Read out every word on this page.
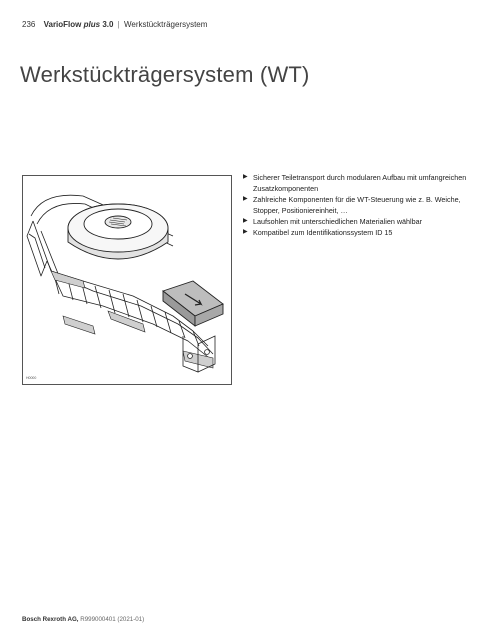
236 VarioFlow plus 3.0 | Werkstückträgersystem
Werkstückträgersystem (WT)
H0000
▶ Sicherer Teiletransport durch modularen Aufbau mit umfangreichen Zusatzkomponenten
▶ Zahlreiche Komponenten für die WT-Steuerung wie z. B. Weiche, Stopper, Positioniereinheit, …
▶ Laufsohlen mit unterschiedlichen Materialien wählbar
▶ Kompatibel zum Identifikationssystem ID 15
Bosch Rexroth AG, R999000401 (2021-01)
